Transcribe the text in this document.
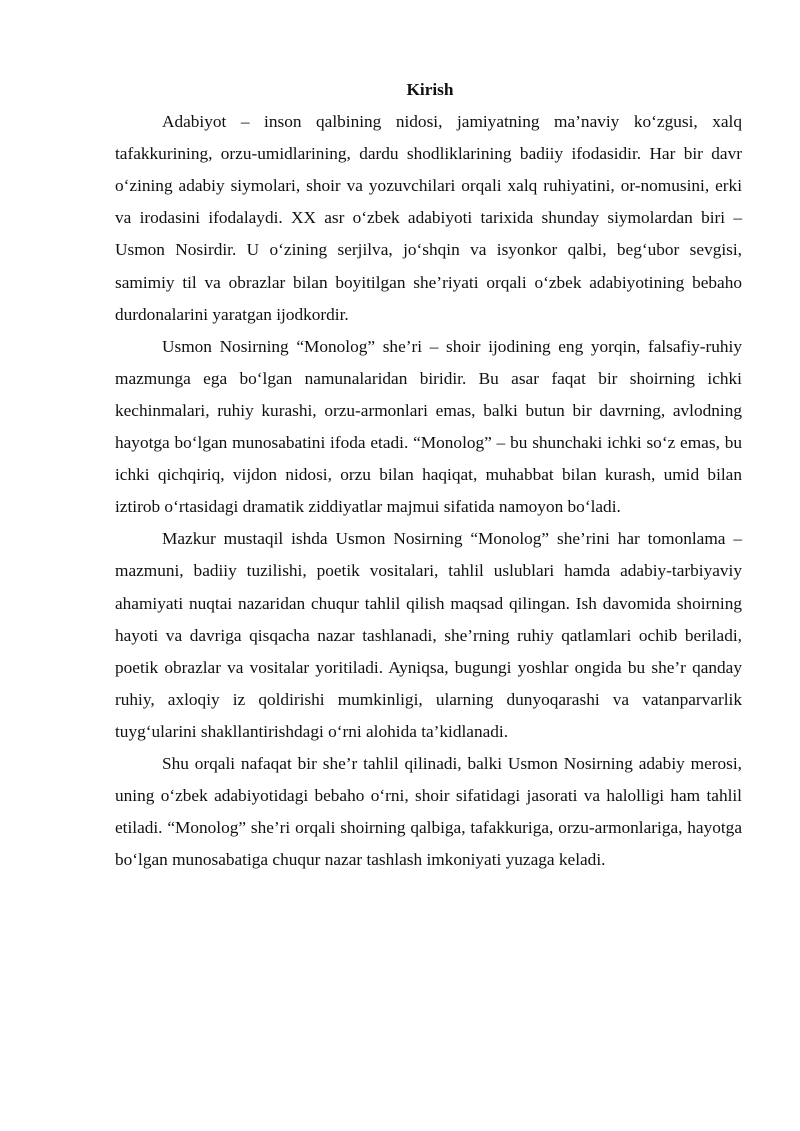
Kirish

Adabiyot – inson qalbining nidosi, jamiyatning ma’naviy ko‘zgusi, xalq tafakkurining, orzu-umidlarining, dardu shodliklarining badiiy ifodasidir. Har bir davr o‘zining adabiy siymolari, shoir va yozuvchilari orqali xalq ruhiyatini, or-nomusini, erki va irodasini ifodalaydi. XX asr o‘zbek adabiyoti tarixida shunday siymolardan biri – Usmon Nosirdir. U o‘zining serjilva, jo‘shqin va isyonkor qalbi, beg‘ubor sevgisi, samimiy til va obrazlar bilan boyitilgan she’riyati orqali o‘zbek adabiyotining bebaho durdonalarini yaratgan ijodkordir.

Usmon Nosirning “Monolog” she’ri – shoir ijodining eng yorqin, falsafiy-ruhiy mazmunga ega bo‘lgan namunalaridan biridir. Bu asar faqat bir shoirning ichki kechinmalari, ruhiy kurashi, orzu-armonlari emas, balki butun bir davrning, avlodning hayotga bo‘lgan munosabatini ifoda etadi. “Monolog” – bu shunchaki ichki so‘z emas, bu ichki qichqiriq, vijdon nidosi, orzu bilan haqiqat, muhabbat bilan kurash, umid bilan iztirob o‘rtasidagi dramatik ziddiyatlar majmui sifatida namoyon bo‘ladi.

Mazkur mustaqil ishda Usmon Nosirning “Monolog” she’rini har tomonlama – mazmuni, badiiy tuzilishi, poetik vositalari, tahlil uslublari hamda adabiy-tarbiyaviy ahamiyati nuqtai nazaridan chuqur tahlil qilish maqsad qilingan. Ish davomida shoirning hayoti va davriga qisqacha nazar tashlanadi, she’rning ruhiy qatlamlari ochib beriladi, poetik obrazlar va vositalar yoritiladi. Ayniqsa, bugungi yoshlar ongida bu she’r qanday ruhiy, axloqiy iz qoldirishi mumkinligi, ularning dunyoqarashi va vatanparvarlik tuyg‘ularini shakllantirishdagi o‘rni alohida ta’kidlanadi.

Shu orqali nafaqat bir she’r tahlil qilinadi, balki Usmon Nosirning adabiy merosi, uning o‘zbek adabiyotidagi bebaho o‘rni, shoir sifatidagi jasorati va halolligi ham tahlil etiladi. “Monolog” she’ri orqali shoirning qalbiga, tafakkuriga, orzu-armonlariga, hayotga bo‘lgan munosabatiga chuqur nazar tashlash imkoniyati yuzaga keladi.
